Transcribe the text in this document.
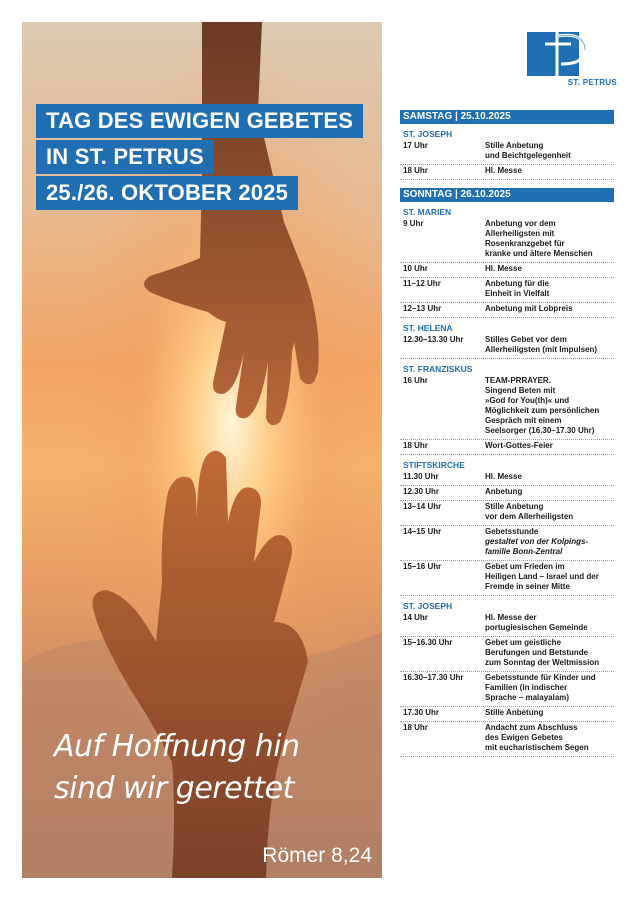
TAG DES EWIGEN GEBETES
IN ST. PETRUS
25./26. OKTOBER 2025
Auf Hoffnung hin
sind wir gerettet
Römer 8,24
ST. PETRUS
SAMSTAG | 25.10.2025
ST. JOSEPH
17 Uhr	Stille Anbetung
und Beichtgelegenheit
18 Uhr	Hl. Messe
SONNTAG | 26.10.2025
ST. MARIEN
9 Uhr	Anbetung vor dem
Allerheiligsten mit
Rosenkranzgebet für
kranke und ältere Menschen
10 Uhr	Hl. Messe
11–12 Uhr	Anbetung für die
Einheit in Vielfalt
12–13 Uhr	Anbetung mit Lobpreis
ST. HELENA
12.30–13.30 Uhr	Stilles Gebet vor dem
Allerheiligsten (mit Impulsen)
ST. FRANZISKUS
16 Uhr	TEAM-PRRAYER.
Singend Beten mit
»God for You(th)« und
Möglichkeit zum persönlichen
Gespräch mit einem
Seelsorger (16.30–17.30 Uhr)
18 Uhr	Wort-Gottes-Feier
STIFTSKIRCHE
11.30 Uhr	Hl. Messe
12.30 Uhr	Anbetung
13–14 Uhr	Stille Anbetung
vor dem Allerheiligsten
14–15 Uhr	Gebetsstunde
gestaltet von der Kolpings-
familie Bonn-Zentral
15–16 Uhr	Gebet um Frieden im
Heiligen Land – Israel und der
Fremde in seiner Mitte
ST. JOSEPH
14 Uhr	Hl. Messe der
portugiesischen Gemeinde
15–16.30 Uhr	Gebet um geistliche
Berufungen und Betstunde
zum Sonntag der Weltmission
16.30–17.30 Uhr	Gebetsstunde für Kinder und
Familien (in indischer
Sprache – malayalam)
17.30 Uhr	Stille Anbetung
18 Uhr	Andacht zum Abschluss
des Ewigen Gebetes
mit eucharistischem Segen
